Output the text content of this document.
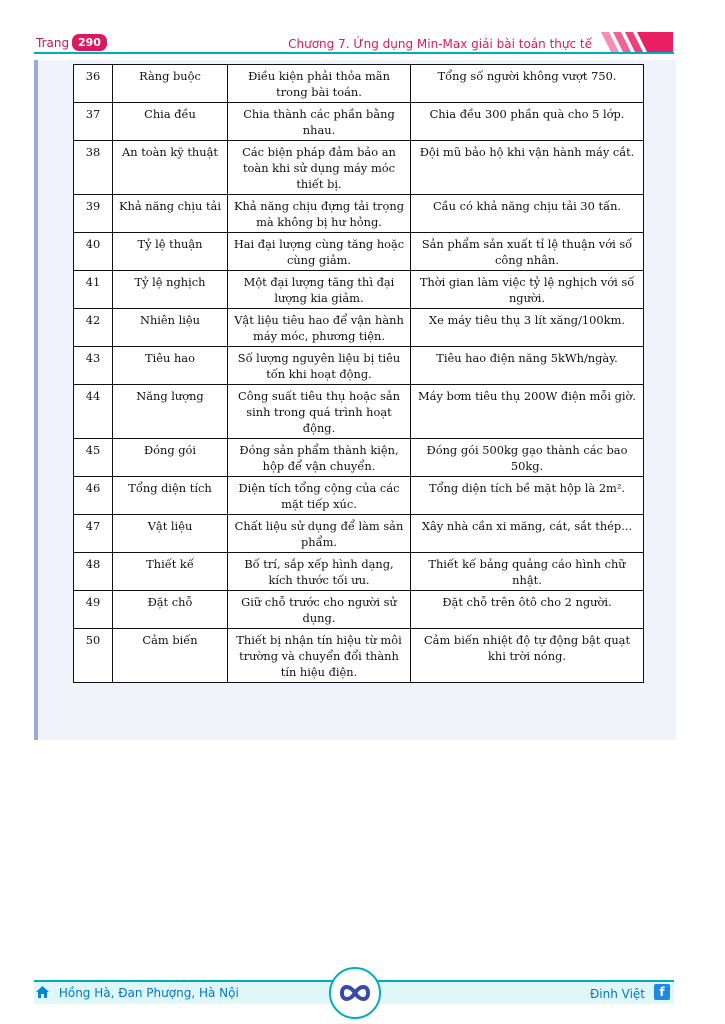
Trang 290	Chương 7. Ứng dụng Min-Max giải bài toán thực tế
36	Ràng buộc	Điều kiện phải thỏa mãn trong bài toán.	Tổng số người không vượt 750.
37	Chia đều	Chia thành các phần bằng nhau.	Chia đều 300 phần quà cho 5 lớp.
38	An toàn kỹ thuật	Các biện pháp đảm bảo an toàn khi sử dụng máy móc thiết bị.	Đội mũ bảo hộ khi vận hành máy cắt.
39	Khả năng chịu tải	Khả năng chịu đựng tải trọng mà không bị hư hỏng.	Cầu có khả năng chịu tải 30 tấn.
40	Tỷ lệ thuận	Hai đại lượng cùng tăng hoặc cùng giảm.	Sản phẩm sản xuất tỉ lệ thuận với số công nhân.
41	Tỷ lệ nghịch	Một đại lượng tăng thì đại lượng kia giảm.	Thời gian làm việc tỷ lệ nghịch với số người.
42	Nhiên liệu	Vật liệu tiêu hao để vận hành máy móc, phương tiện.	Xe máy tiêu thụ 3 lít xăng/100km.
43	Tiêu hao	Số lượng nguyên liệu bị tiêu tốn khi hoạt động.	Tiêu hao điện năng 5kWh/ngày.
44	Năng lượng	Công suất tiêu thụ hoặc sản sinh trong quá trình hoạt động.	Máy bơm tiêu thụ 200W điện mỗi giờ.
45	Đóng gói	Đóng sản phẩm thành kiện, hộp để vận chuyển.	Đóng gói 500kg gạo thành các bao 50kg.
46	Tổng diện tích	Diện tích tổng cộng của các mặt tiếp xúc.	Tổng diện tích bề mặt hộp là 2m².
47	Vật liệu	Chất liệu sử dụng để làm sản phẩm.	Xây nhà cần xi măng, cát, sắt thép...
48	Thiết kế	Bố trí, sắp xếp hình dạng, kích thước tối ưu.	Thiết kế bảng quảng cáo hình chữ nhật.
49	Đặt chỗ	Giữ chỗ trước cho người sử dụng.	Đặt chỗ trên ôtô cho 2 người.
50	Cảm biến	Thiết bị nhận tín hiệu từ môi trường và chuyển đổi thành tín hiệu điện.	Cảm biến nhiệt độ tự động bật quạt khi trời nóng.
Hồng Hà, Đan Phượng, Hà Nội	Đinh Việt	f
